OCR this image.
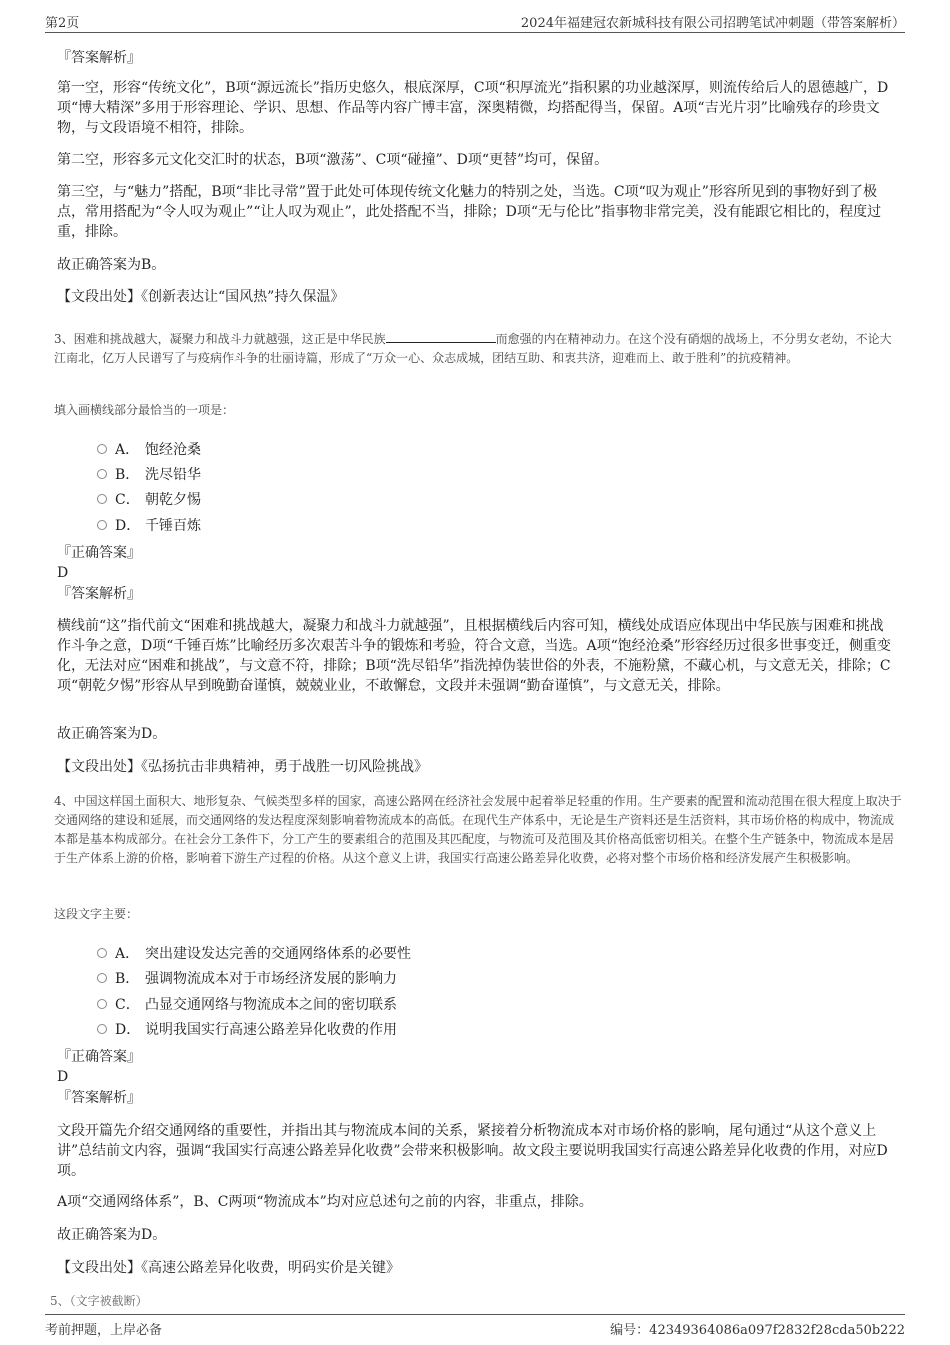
第2页	2024年福建冠农新城科技有限公司招聘笔试冲刺题（带答案解析）
『答案解析』
第一空，形容“传统文化”，B项“源远流长”指历史悠久，根底深厚，C项“积厚流光”指积累的功业越深厚，则流传给后人的恩德越广，D项“博大精深”多用于形容理论、学识、思想、作品等内容广博丰富，深奥精微，均搭配得当，保留。A项“吉光片羽”比喻残存的珍贵文物，与文段语境不相符，排除。
第二空，形容多元文化交汇时的状态，B项“激荡”、C项“碰撞”、D项“更替”均可，保留。
第三空，与“魅力”搭配，B项“非比寻常”置于此处可体现传统文化魅力的特别之处，当选。C项“叹为观止”形容所见到的事物好到了极点，常用搭配为“令人叹为观止”“让人叹为观止”，此处搭配不当，排除；D项“无与伦比”指事物非常完美，没有能跟它相比的，程度过重，排除。
故正确答案为B。
【文段出处】《创新表达让“国风热”持久保温》
3、困难和挑战越大，凝聚力和战斗力就越强，这正是中华民族	而愈强的内在精神动力。在这个没有硝烟的战场上，不分男女老幼，不论大江南北，亿万人民谱写了与疫病作斗争的壮丽诗篇，形成了“万众一心、众志成城，团结互助、和衷共济，迎难而上、敢于胜利”的抗疫精神。
填入画横线部分最恰当的一项是：
A． 饱经沧桑
B． 洗尽铅华
C． 朝乾夕惕
D． 千锤百炼
『正确答案』
D
『答案解析』
横线前“这”指代前文“困难和挑战越大，凝聚力和战斗力就越强”，且根据横线后内容可知，横线处成语应体现出中华民族与困难和挑战作斗争之意，D项“千锤百炼”比喻经历多次艰苦斗争的锻炼和考验，符合文意，当选。A项“饱经沧桑”形容经历过很多世事变迁，侧重变化，无法对应“困难和挑战”，与文意不符，排除；B项“洗尽铅华”指洗掉伪装世俗的外表，不施粉黛，不藏心机，与文意无关，排除；C项“朝乾夕惕”形容从早到晚勤奋谨慎，兢兢业业，不敢懈怠，文段并未强调“勤奋谨慎”，与文意无关，排除。
故正确答案为D。
【文段出处】《弘扬抗击非典精神，勇于战胜一切风险挑战》
4、中国这样国土面积大、地形复杂、气候类型多样的国家，高速公路网在经济社会发展中起着举足轻重的作用。生产要素的配置和流动范围在很大程度上取决于交通网络的建设和延展，而交通网络的发达程度深刻影响着物流成本的高低。在现代生产体系中，无论是生产资料还是生活资料，其市场价格的构成中，物流成本都是基本构成部分。在社会分工条件下，分工产生的要素组合的范围及其匹配度，与物流可及范围及其价格高低密切相关。在整个生产链条中，物流成本是居于生产体系上游的价格，影响着下游生产过程的价格。从这个意义上讲，我国实行高速公路差异化收费，必将对整个市场价格和经济发展产生积极影响。
这段文字主要：
A． 突出建设发达完善的交通网络体系的必要性
B． 强调物流成本对于市场经济发展的影响力
C． 凸显交通网络与物流成本之间的密切联系
D． 说明我国实行高速公路差异化收费的作用
『正确答案』
D
『答案解析』
文段开篇先介绍交通网络的重要性，并指出其与物流成本间的关系，紧接着分析物流成本对市场价格的影响，尾句通过“从这个意义上讲”总结前文内容，强调“我国实行高速公路差异化收费”会带来积极影响。故文段主要说明我国实行高速公路差异化收费的作用，对应D项。
A项“交通网络体系”，B、C两项“物流成本”均对应总述句之前的内容，非重点，排除。
故正确答案为D。
【文段出处】《高速公路差异化收费，明码实价是关键》
5、（文字被截断）
考前押题，上岸必备	编号：42349364086a097f2832f28cda50b222
